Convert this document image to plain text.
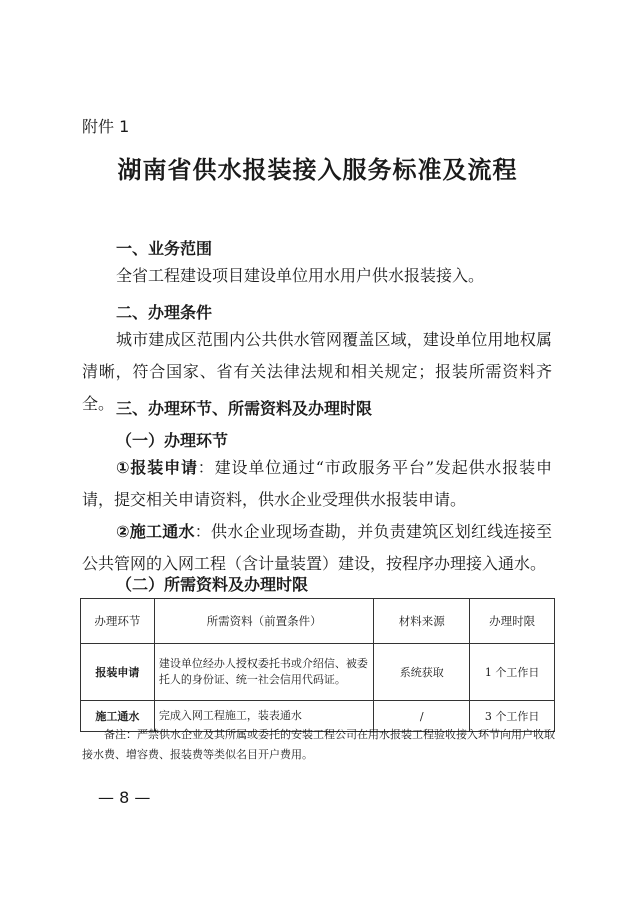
附件 1
湖南省供水报装接入服务标准及流程
一、业务范围
全省工程建设项目建设单位用水用户供水报装接入。
二、办理条件
城市建成区范围内公共供水管网覆盖区域，建设单位用地权属清晰，符合国家、省有关法律法规和相关规定；报装所需资料齐全。 三、办理环节、所需资料及办理时限
（一）办理环节
①报装申请：建设单位通过“市政服务平台”发起供水报装申请，提交相关申请资料，供水企业受理供水报装申请。
②施工通水：供水企业现场查勘，并负责建筑区划红线连接至公共管网的入网工程（含计量装置）建设，按程序办理接入通水。
（二）所需资料及办理时限
办理环节	所需资料（前置条件）	材料来源	办理时限
报装申请	建设单位经办人授权委托书或介绍信、被委托人的身份证、统一社会信用代码证。	系统获取	1 个工作日
施工通水	完成入网工程施工，装表通水	/	3 个工作日
备注：严禁供水企业及其所属或委托的安装工程公司在用水报装工程验收接入环节向用户收取接水费、增容费、报装费等类似名目开户费用。
— 8 —
